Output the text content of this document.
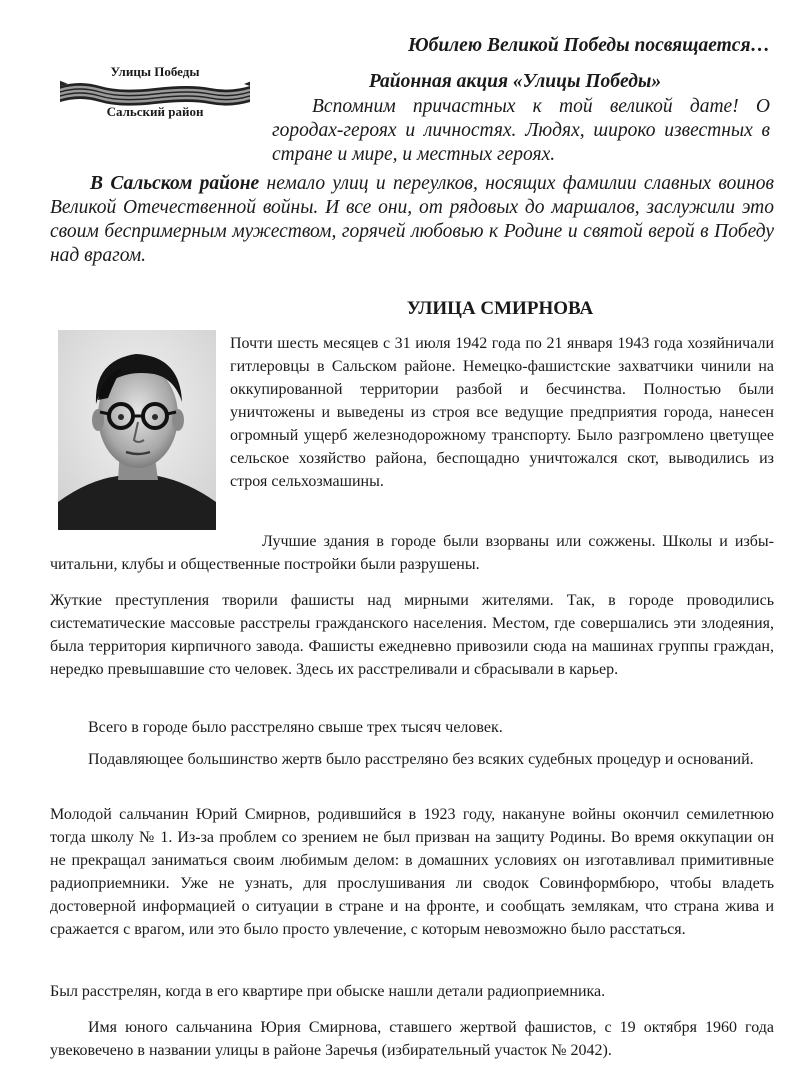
Улицы Победы
Сальский район

Юбилею Великой Победы посвящается…

Районная акция «Улицы Победы»

Вспомним причастных к той великой дате! О городах-героях и личностях. Людях, широко известных в стране и мире, и местных героях.

В Сальском районе немало улиц и переулков, носящих фамилии славных воинов Великой Отечественной войны. И все они, от рядовых до маршалов, заслужили это своим беспримерным мужеством, горячей любовью к Родине и святой верой в Победу над врагом.

УЛИЦА СМИРНОВА

Почти шесть месяцев с 31 июля 1942 года по 21 января 1943 года хозяйничали гитлеровцы в Сальском районе. Немецко-фашистские захватчики чинили на оккупированной территории разбой и бесчинства. Полностью были уничтожены и выведены из строя все ведущие предприятия города, нанесен огромный ущерб железнодорожному транспорту. Было разгромлено цветущее сельское хозяйство района, беспощадно уничтожался скот, выводились из строя сельхозмашины.

Лучшие здания в городе были взорваны или сожжены. Школы и избы-читальни, клубы и общественные постройки были разрушены.

Жуткие преступления творили фашисты над мирными жителями. Так, в городе проводились систематические массовые расстрелы гражданского населения. Местом, где совершались эти злодеяния, была территория кирпичного завода. Фашисты ежедневно привозили сюда на машинах группы граждан, нередко превышавшие сто человек. Здесь их расстреливали и сбрасывали в карьер.

Всего в городе было расстреляно свыше трех тысяч человек.

Подавляющее большинство жертв было расстреляно без всяких судебных процедур и оснований.

Молодой сальчанин Юрий Смирнов, родившийся в 1923 году, накануне войны окончил семилетнюю тогда школу № 1. Из-за проблем со зрением не был призван на защиту Родины. Во время оккупации он не прекращал заниматься своим любимым делом: в домашних условиях он изготавливал примитивные радиоприемники. Уже не узнать, для прослушивания ли сводок Совинформбюро, чтобы владеть достоверной информацией о ситуации в стране и на фронте, и сообщать землякам, что страна жива и сражается с врагом, или это было просто увлечение, с которым невозможно было расстаться.

Был расстрелян, когда в его квартире при обыске нашли детали радиоприемника.

Имя юного сальчанина Юрия Смирнова, ставшего жертвой фашистов, с 19 октября 1960 года увековечено в названии улицы в районе Заречья (избирательный участок № 2042).
